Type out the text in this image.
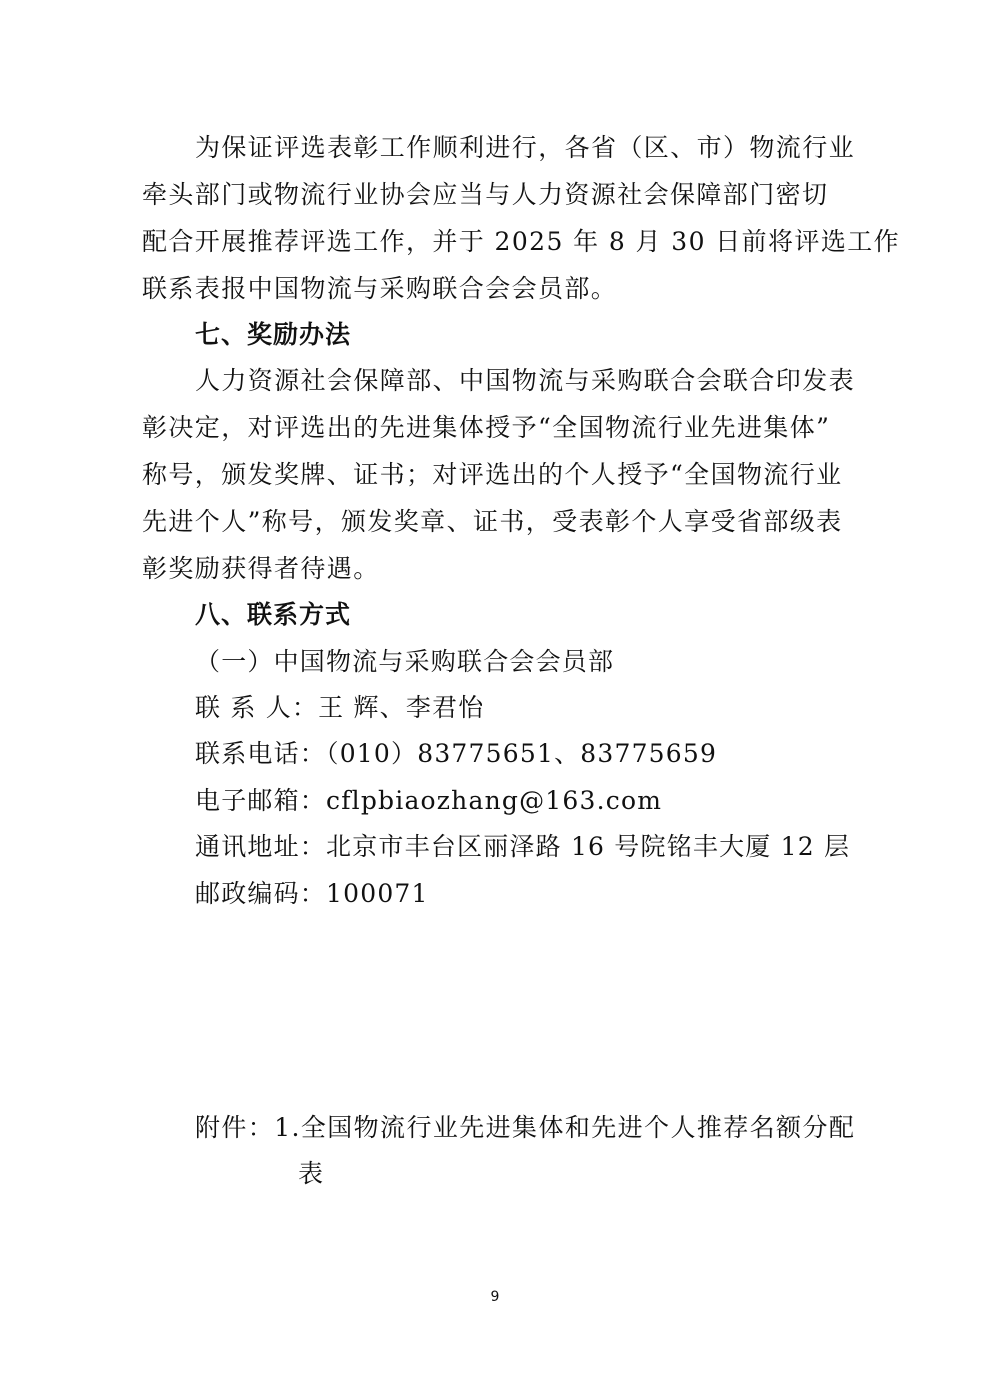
为保证评选表彰工作顺利进行，各省（区、市）物流行业
牵头部门或物流行业协会应当与人力资源社会保障部门密切
配合开展推荐评选工作，并于 2025 年 8 月 30 日前将评选工作
联系表报中国物流与采购联合会会员部。
七、奖励办法
人力资源社会保障部、中国物流与采购联合会联合印发表
彰决定，对评选出的先进集体授予“全国物流行业先进集体”
称号，颁发奖牌、证书；对评选出的个人授予“全国物流行业
先进个人”称号，颁发奖章、证书，受表彰个人享受省部级表
彰奖励获得者待遇。
八、联系方式
（一）中国物流与采购联合会会员部
联 系 人：王 辉、李君怡
联系电话：（010）83775651、83775659
电子邮箱：cflpbiaozhang@163.com
通讯地址：北京市丰台区丽泽路 16 号院铭丰大厦 12 层
邮政编码：100071
附件：1.全国物流行业先进集体和先进个人推荐名额分配
表
9
